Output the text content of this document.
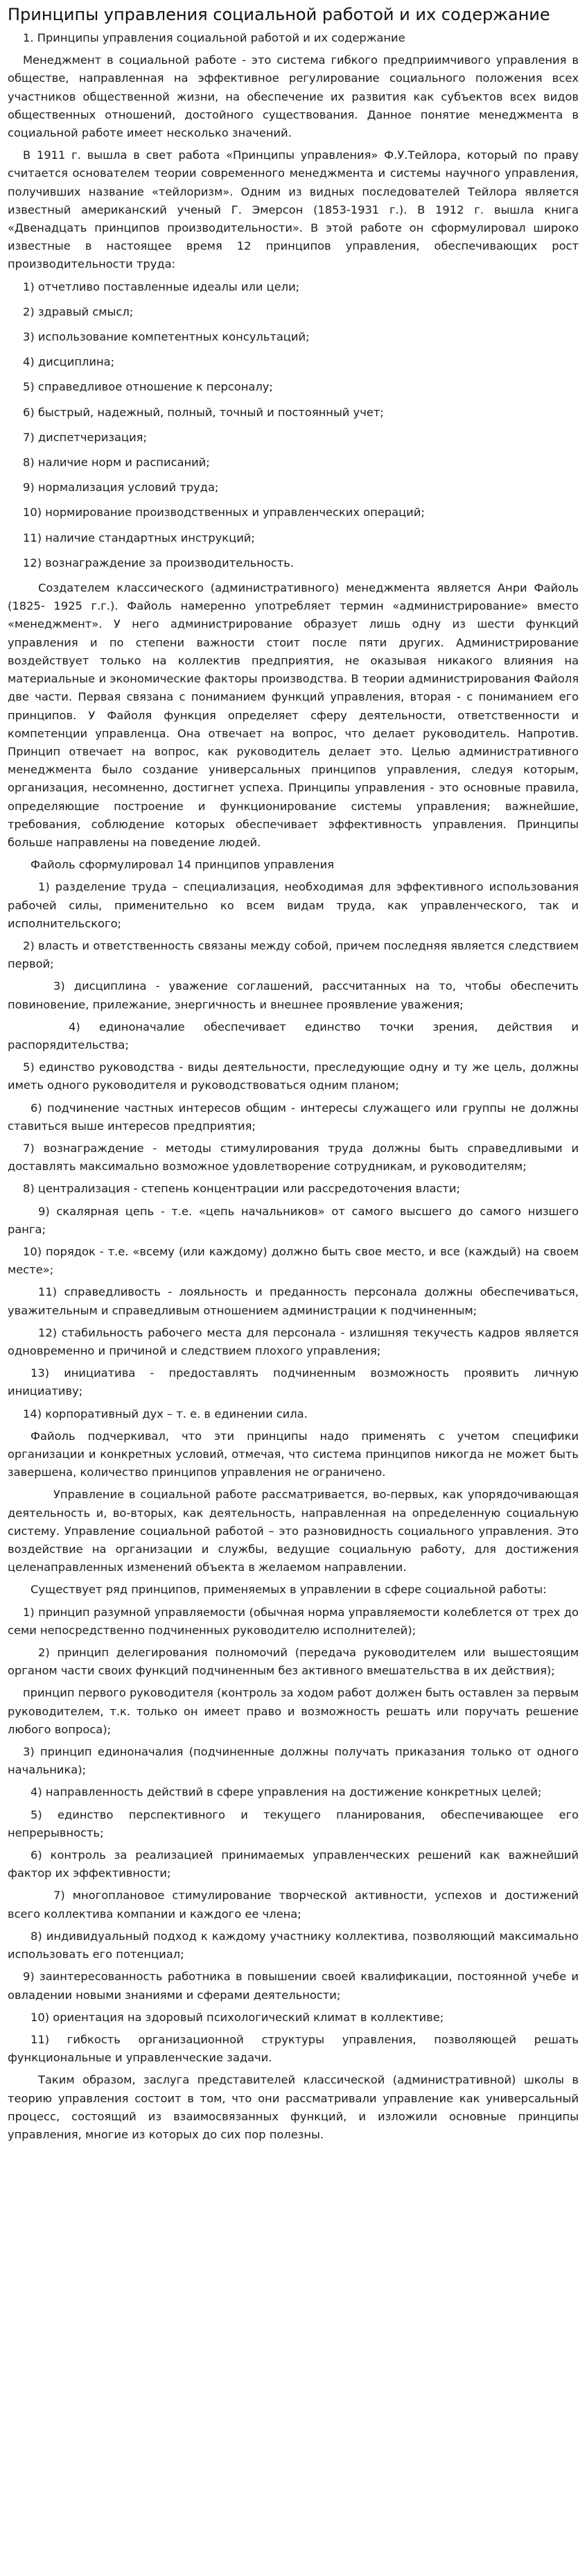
Принципы управления социальной работой и их содержание
1. Принципы управления социальной работой и их содержание

Менеджмент в социальной работе - это система гибкого предприимчивого управления в обществе, направленная на эффективное регулирование социального положения всех участников общественной жизни, на обеспечение их развития как субъектов всех видов общественных отношений, достойного существования. Данное понятие менеджмента в социальной работе имеет несколько значений.

В 1911 г. вышла в свет работа «Принципы управления» Ф.У.Тейлора, который по праву считается основателем теории современного менеджмента и системы научного управления, получившиx название «тейлоризм». Одним из видных последователей Тейлора является известный американский ученый Г. Эмерсон (1853-1931 г.). В 1912 г. вышла книга «Двенадцать принципов производительности». В этой работе он сформулировал широко известные в настоящее время 12 принципов управления, обеспечивающих рост производительности труда:

1) отчетливо поставленные идеалы или цели;
2) здравый смысл;
3) использование компетентных консультаций;
4) дисциплина;
5) справедливое отношение к персоналу;
6) быстрый, надежный, полный, точный и постоянный учет;
7) диспетчеризация;
8) наличие норм и расписаний;
9) нормализация условий труда;
10) нормирование производственных и управленческих операций;
11) наличие стандартных инструкций;
12) вознаграждение за производительность.

Создателем классического (административного) менеджмента является Анри Файоль (1825- 1925 г.г.). Файоль намеренно употребляет термин «администрирование» вместо «менеджмент». У него администрирование образует лишь одну из шести функций управления и по степени важности стоит после пяти других. Администрирование воздействует только на коллектив предприятия, не оказывая никакого влияния на материальные и экономические факторы производства. В теории администрирования Файоля две части. Первая связана с пониманием функций управления, вторая - с пониманием его принципов. У Файоля функция определяет сферу деятельности, ответственности и компетенции управленца. Она отвечает на вопрос, что делает руководитель. Напротив. Принцип отвечает на вопрос, как руководитель делает это. Целью административного менеджмента было создание универсальных принципов управления, следуя которым, организация, несомненно, достигнет успеха. Принципы управления - это основные правила, определяющие построение и функционирование системы управления; важнейшие, требования, соблюдение которых обеспечивает эффективность управления. Принципы больше направлены на поведение людей.

Файоль сформулировал 14 принципов управления

1) разделение труда – специализация, необходимая для эффективного использования рабочей силы, применительно ко всем видам труда, как управленческого, так и исполнительского;

2) власть и ответственность связаны между собой, причем последняя является следствием первой;

3) дисциплина - уважение соглашений, рассчитанных на то, чтобы обеспечить повиновение, прилежание, энергичность и внешнее проявление уважения;

4) единоначалие обеспечивает единство точки зрения, действия и распорядительства;

5) единство руководства - виды деятельности, преследующие одну и ту же цель, должны иметь одного руководителя и руководствоваться одним планом;

6) подчинение частных интересов общим - интересы служащего или группы не должны ставиться выше интересов предприятия;

7) вознаграждение - методы стимулирования труда должны быть справедливыми и доставлять максимально возможное удовлетворение сотрудникам, и руководителям;

8) централизация - степень концентрации или рассредоточения власти;

9) скалярная цепь - т.е. «цепь начальников» от самого высшего до самого низшего ранга;

10) порядок - т.е. «всему (или каждому) должно быть свое место, и все (каждый) на своем месте»;

11) справедливость - лояльность и преданность персонала должны обеспечиваться, уважительным и справедливым отношением администрации к подчиненным;

12) стабильность рабочего места для персонала - излишняя текучесть кадров является одновременно и причиной и следствием плохого управления;

13) инициатива - предоставлять подчиненным возможность проявить личную инициативу;

14) корпоративный дух – т. е. в единении сила.

Файоль подчеркивал, что эти принципы надо применять с учетом специфики организации и конкретных условий, отмечая, что система принципов никогда не может быть завершена, количество принципов управления не ограничено.

Управление в социальной работе рассматривается, во-первых, как упорядочивающая деятельность и, во-вторых, как деятельность, направленная на определенную социальную систему. Управление социальной работой – это разновидность социального управления. Это воздействие на организации и службы, ведущие социальную работу, для достижения целенаправленных изменений объекта в желаемом направлении.

Существует ряд принципов, применяемых в управлении в сфере социальной работы:

1) принцип разумной управляемости (обычная норма управляемости колеблется от трех до семи непосредственно подчиненных руководителю исполнителей);

2) принцип делегирования полномочий (передача руководителем или вышестоящим органом части своих функций подчиненным без активного вмешательства в их действия);

принцип первого руководителя (контроль за ходом работ должен быть оставлен за первым руководителем, т.к. только он имеет право и возможность решать или поручать решение любого вопроса);

3) принцип единоначалия (подчиненные должны получать приказания только от одного начальника);

4) направленность действий в сфере управления на достижение конкретных целей;

5) единство перспективного и текущего планирования, обеспечивающее его непрерывность;

6) контроль за реализацией принимаемых управленческих решений как важнейший фактор их эффективности;

7) многоплановое стимулирование творческой активности, успехов и достижений всего коллектива компании и каждого ее члена;

8) индивидуальный подход к каждому участнику коллектива, позволяющий максимально использовать его потенциал;

9) заинтересованность работника в повышении своей квалификации, постоянной учебе и овладении новыми знаниями и сферами деятельности;

10) ориентация на здоровый психологический климат в коллективе;

11) гибкость организационной структуры управления, позволяющей решать функциональные и управленческие задачи.

Таким образом, заслуга представителей классической (административной) школы в теорию управления состоит в том, что они рассматривали управление как универсальный процесс, состоящий из взаимосвязанных функций, и изложили основные принципы управления, многие из которых до сих пор полезны.
